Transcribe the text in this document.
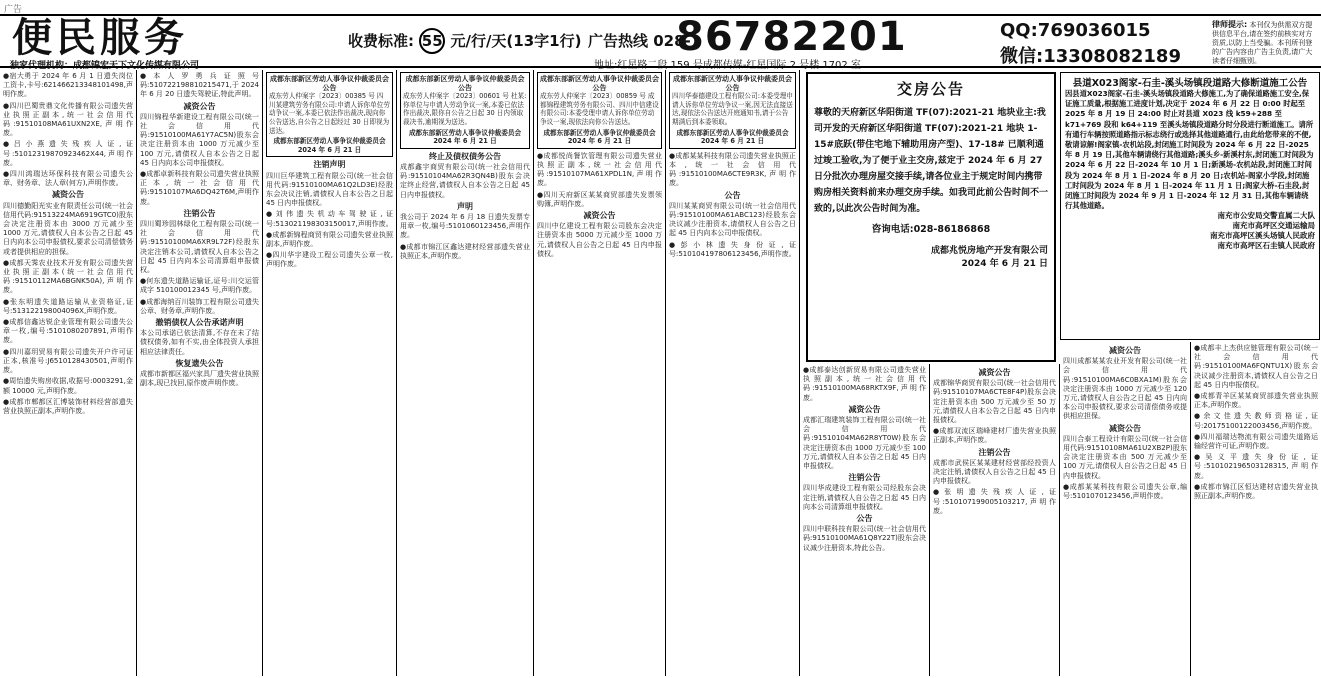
广告
便民服务
独家代理机构：成都锦宏天下文化传媒有限公司
收费标准: 55 元/行/天(13字1行) 广告热线 028-
86782201
地址:红星路二段 159 号成都传媒-红星国际 2 号楼 1702 室
QQ:769036015
微信:13308082189
律师提示: 本刊仅为供需双方提供信息平台,请在签约前核实对方资质,以防上当受骗。本刊所刊登的广告内容由广告主负责,请广大读者仔细甄别。

●宿大勇于 2024 年 6 月 1 日遗失岗位工资卡,卡号:621466213348101498,声明作废。

●四川巴蜀贵鼎文化传播有限公司遗失营业执照正副本,统一社会信用代码:91510108MA61UXN2XE,声明作废。

●吕小燕遗失残疾人证,证号:51012319870923462X44,声明作废。

●四川鸿瑞达环保科技有限公司遗失公章、财务章、法人章(何方),声明作废。

减资公告

四川德勤阳光实业有限责任公司(统一社会信用代码:91513224MA6919GTC0)股东会决定注册资本由 3000 万元减少至 1000 万元,请债权人自本公告之日起 45 日内向本公司申报债权,要求公司清偿债务或者提供相应的担保。

●成都天霁农业技术开发有限公司遗失营业执照正副本(统一社会信用代码:91510112MA6BGNK50A),声明作废。

●张东明遗失道路运输从业资格证,证号:513122198004096X,声明作废。

●成都信鑫达锐企业管理有限公司遗失公章一枚,编号:5101080207891,声明作废。

●四川嘉玥贸易有限公司遗失开户许可证正本,核准号:J6510128430501,声明作废。

●周怡遗失购房收据,收据号:0003291,金额 10000 元,声明作废。

●成都市郫都区汇博装饰材料经营部遗失营业执照正副本,声明作废。

●本人罗勇兵证照号码:510722198810215471,于 2024 年 6 月 20 日遗失驾驶证,特此声明。

减资公告

四川锦程华新建设工程有限公司(统一社会信用代码:91510100MA61Y7AC5N)股东会决定注册资本由 1000 万元减少至 100 万元,请债权人自本公告之日起 45 日内向本公司申报债权。

●成都卓新科技有限公司遗失营业执照正本,统一社会信用代码:91510107MA6DQ42T6M,声明作废。

注销公告

四川蜀珍园林绿化工程有限公司(统一社会信用代码:91510100MA6XR9L72F)经股东决定注销本公司,请债权人自本公告之日起 45 日内向本公司清算组申报债权。

●何东遗失道路运输证,证号:川交运管成字 510100012345 号,声明作废。

●成都海纳百川装饰工程有限公司遗失公章、财务章,声明作废。

撤销债权人公告承诺声明

本公司承诺已依法清算,不存在未了结债权债务,如有不实,由全体投资人承担相应法律责任。

恢复遗失公告

成都市新都区福兴家具厂遗失营业执照副本,现已找回,原作废声明作废。

成都东部新区劳动人事争议仲裁委员会公告
成东劳人仲案字〔2023〕00385 号 四川某建筑劳务有限公司:申请人诉你单位劳动争议一案,本委已依法作出裁决,现向你公告送达,自公告之日起经过 30 日即视为送达。
成都东部新区劳动人事争议仲裁委员会 2024 年 6 月 21 日
注销声明

四川巨华建筑工程有限公司(统一社会信用代码:91510100MA61Q2LD3E)经股东会决议注销,请债权人自本公告之日起 45 日内申报债权。

●刘伟遗失机动车驾驶证,证号:513021198303150017,声明作废。

●成都新锦程商贸有限公司遗失营业执照副本,声明作废。

●四川华宇建设工程公司遗失公章一枚,声明作废。

成都东部新区劳动人事争议仲裁委员会公告
成东劳人仲案字〔2023〕00601 号 杜某:你单位与申请人劳动争议一案,本委已依法作出裁决,限你自公告之日起 30 日内领取裁决书,逾期视为送达。
成都东部新区劳动人事争议仲裁委员会 2024 年 6 月 21 日
终止及债权债务公告

成都鑫宇商贸有限公司(统一社会信用代码:91510104MA62R3QN4B)股东会决定终止经营,请债权人自本公告之日起 45 日内申报债权。

声明

我公司于 2024 年 6 月 18 日遗失发票专用章一枚,编号:5101060123456,声明作废。

●成都市锦江区鑫达建材经营部遗失营业执照正本,声明作废。

成都东部新区劳动人事争议仲裁委员会公告
成东劳人仲案字〔2023〕00859 号 成都锦程建筑劳务有限公司、四川中信建设有限公司:本委受理申请人诉你单位劳动争议一案,现依法向你公告送达。
成都东部新区劳动人事争议仲裁委员会 2024 年 6 月 21 日

●成都悦尚餐饮管理有限公司遗失营业执照正副本,统一社会信用代码:91510107MA61XPDL1N,声明作废。

●四川天府新区某某商贸部遗失发票领购簿,声明作废。

减资公告

四川中亿建设工程有限公司股东会决定注册资本由 5000 万元减少至 1000 万元,请债权人自公告之日起 45 日内申报债权。

成都东部新区劳动人事争议仲裁委员会公告
四川华泰德建设工程有限公司:本委受理申请人诉你单位劳动争议一案,因无法直接送达,现依法公告送达开庭通知书,请于公告期满后到本委领取。
成都东部新区劳动人事争议仲裁委员会 2024 年 6 月 21 日

●成都某某科技有限公司遗失营业执照正本,统一社会信用代码:91510100MA6CTE9R3K,声明作废。

公告

四川某某商贸有限公司(统一社会信用代码:91510100MA61ABC123)经股东会决议减少注册资本,请债权人自公告之日起 45 日内向本公司申报债权。

●彭小林遗失身份证,证号:510104197806123456,声明作废。

交房公告
尊敬的天府新区华阳街道 TF(07):2021-21 地块业主:我司开发的天府新区华阳街道 TF(07):2021-21 地块 1-15#底跃(带住宅地下辅助用房产型)、17-18# 已顺利通过竣工验收,为了便于业主交房,兹定于 2024 年 6 月 27 日分批次办理房屋交接手续,请各位业主于规定时间内携带购房相关资料前来办理交房手续。如我司此前公告时间不一致的,以此次公告时间为准。
咨询电话:028-86186868
成都兆悦房地产开发有限公司
2024 年 6 月 21 日
县道X023阁家-石圭-溪头场镇段道路大修断道施工公告
因县道X023阁家-石圭-溪头场镇段道路大修施工,为了确保道路施工安全,保证施工质量,根据施工进度计划,决定于 2024 年 6 月 22 日 0:00 时起至 2025 年 8 月 19 日 24:00 时止对县道 X023 线 k59+288 至 k71+769 段和 k64+119 至溪头场镇段道路分时分段进行断道施工。请所有通行车辆按照道路指示标志绕行或选择其他道路通行,由此给您带来的不便,敬请谅解!阁家镇-农机站段,封闭施工时间段为 2024 年 6 月 22 日-2025 年 8 月 19 日,其他车辆请绕行其他道路;溪头乡-新溪村东,封闭施工时间段为 2024 年 6 月 22 日-2024 年 10 月 1 日;新溪场-农机站段,封闭施工时间段为 2024 年 8 月 1 日-2024 年 8 月 20 日;农机站-阁家小学段,封闭施工时间段为 2024 年 8 月 1 日-2024 年 11 月 1 日;阁家大桥-石圭段,封闭施工时间段为 2024 年 9 月 1 日-2024 年 12 月 31 日,其他车辆请绕行其他道路。
南充市公安局交警直属二大队
南充市高坪区交通运输局
南充市高坪区溪头场镇人民政府
南充市高坪区石圭镇人民政府

●成都泰达创新贸易有限公司遗失营业执照副本,统一社会信用代码:91510100MA68RKTX9F,声明作废。

减资公告

成都汇瑞建筑装饰工程有限公司(统一社会信用代码:91510104MA62R8YT0W)股东会决定注册资本由 1000 万元减少至 100 万元,请债权人自本公告之日起 45 日内申报债权。

注销公告

四川华成建设工程有限公司经股东会决定注销,请债权人自公告之日起 45 日内向本公司清算组申报债权。

公告

四川中联科技有限公司(统一社会信用代码:91510100MA61Q8Y22T)股东会决议减少注册资本,特此公告。

减资公告

成都锦华商贸有限公司(统一社会信用代码:91510107MA6CTE8F4P)股东会决定注册资本由 500 万元减少至 50 万元,请债权人自本公告之日起 45 日内申报债权。

●成都双流区瑞峰建材厂遗失营业执照正副本,声明作废。

注销公告

成都市武侯区某某建材经营部经投资人决定注销,请债权人自公告之日起 45 日内申报债权。

●张明遗失残疾人证,证号:510107199005103217,声明作废。

减资公告

四川成都某某农业开发有限公司(统一社会信用代码:91510100MA6C0BXA1M)股东会决定注册资本由 1000 万元减少至 120 万元,请债权人自公告之日起 45 日内向本公司申报债权,要求公司清偿债务或提供相应担保。

减资公告

四川合泰工程设计有限公司(统一社会信用代码:91510108MA61U2XB2P)股东会决定注册资本由 500 万元减少至 100 万元,请债权人自公告之日起 45 日内申报债权。

●成都某某科技有限公司遗失公章,编号:5101070123456,声明作废。

●成都丰上杰供应链管理有限公司(统一社会信用代码:91510100MA6FQNTU1X)股东会决议减少注册资本,请债权人自公告之日起 45 日内申报债权。

●成都青羊区某某商贸部遗失营业执照正本,声明作废。

●余文佳遗失教师资格证,证号:20175100122003456,声明作废。

●四川福瑞达物流有限公司遗失道路运输经营许可证,声明作废。

●吴义平遗失身份证,证号:510102196503128315,声明作废。

●成都市锦江区恒达建材店遗失营业执照正副本,声明作废。
